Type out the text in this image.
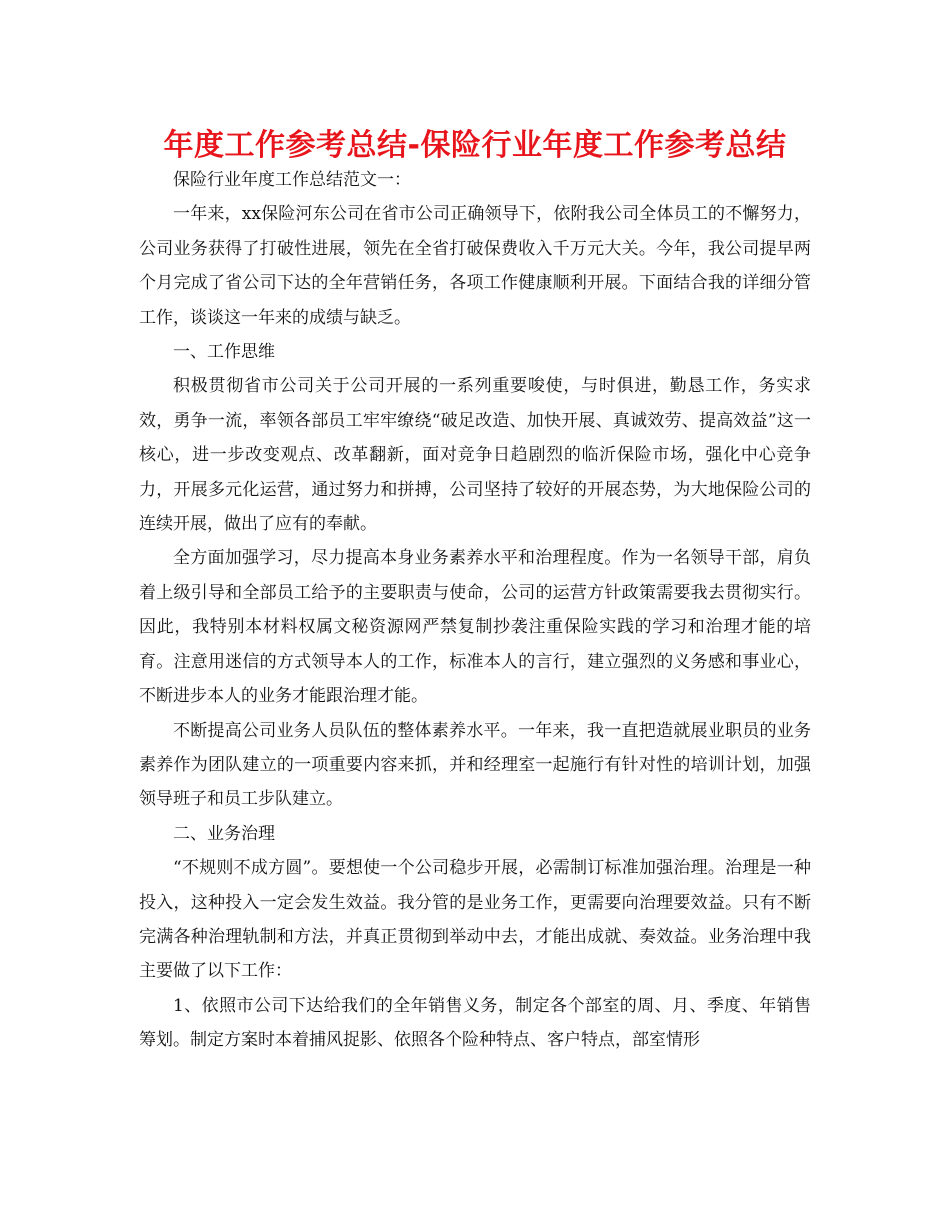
年度工作参考总结-保险行业年度工作参考总结

保险行业年度工作总结范文一：

一年来，xx保险河东公司在省市公司正确领导下，依附我公司全体员工的不懈努力，公司业务获得了打破性进展，领先在全省打破保费收入千万元大关。今年，我公司提早两个月完成了省公司下达的全年营销任务，各项工作健康顺利开展。下面结合我的详细分管工作，谈谈这一年来的成绩与缺乏。

一、工作思维

积极贯彻省市公司关于公司开展的一系列重要唆使，与时俱进，勤恳工作，务实求效，勇争一流，率领各部员工牢牢缭绕“破足改造、加快开展、真诚效劳、提高效益”这一核心，进一步改变观点、改革翻新，面对竞争日趋剧烈的临沂保险市场，强化中心竞争力，开展多元化运营，通过努力和拼搏，公司坚持了较好的开展态势，为大地保险公司的连续开展，做出了应有的奉献。

全方面加强学习，尽力提高本身业务素养水平和治理程度。作为一名领导干部，肩负着上级引导和全部员工给予的主要职责与使命，公司的运营方针政策需要我去贯彻实行。因此，我特别本材料权属文秘资源网严禁复制抄袭注重保险实践的学习和治理才能的培育。注意用迷信的方式领导本人的工作，标准本人的言行，建立强烈的义务感和事业心，不断进步本人的业务才能跟治理才能。

不断提高公司业务人员队伍的整体素养水平。一年来，我一直把造就展业职员的业务素养作为团队建立的一项重要内容来抓，并和经理室一起施行有针对性的培训计划，加强领导班子和员工步队建立。

二、业务治理

“不规则不成方圆”。要想使一个公司稳步开展，必需制订标准加强治理。治理是一种投入，这种投入一定会发生效益。我分管的是业务工作，更需要向治理要效益。只有不断完满各种治理轨制和方法，并真正贯彻到举动中去，才能出成就、奏效益。业务治理中我主要做了以下工作：

1、依照市公司下达给我们的全年销售义务，制定各个部室的周、月、季度、年销售筹划。制定方案时本着捕风捉影、依照各个险种特点、客户特点，部室情形
